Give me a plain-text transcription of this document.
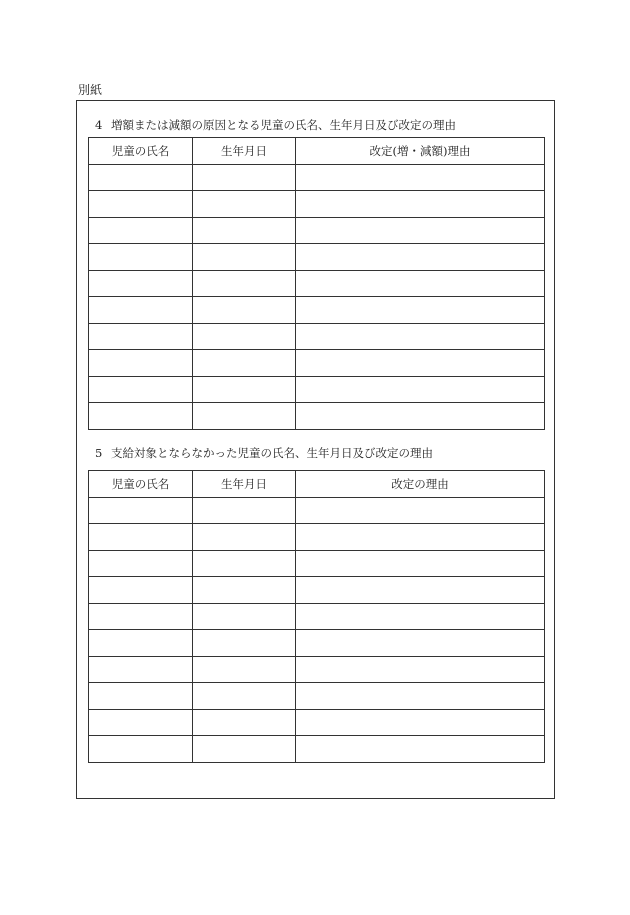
別紙
4 増額または減額の原因となる児童の氏名、生年月日及び改定の理由
児童の氏名	生年月日	改定(増・減額)理由

5 支給対象とならなかった児童の氏名、生年月日及び改定の理由
児童の氏名	生年月日	改定の理由
